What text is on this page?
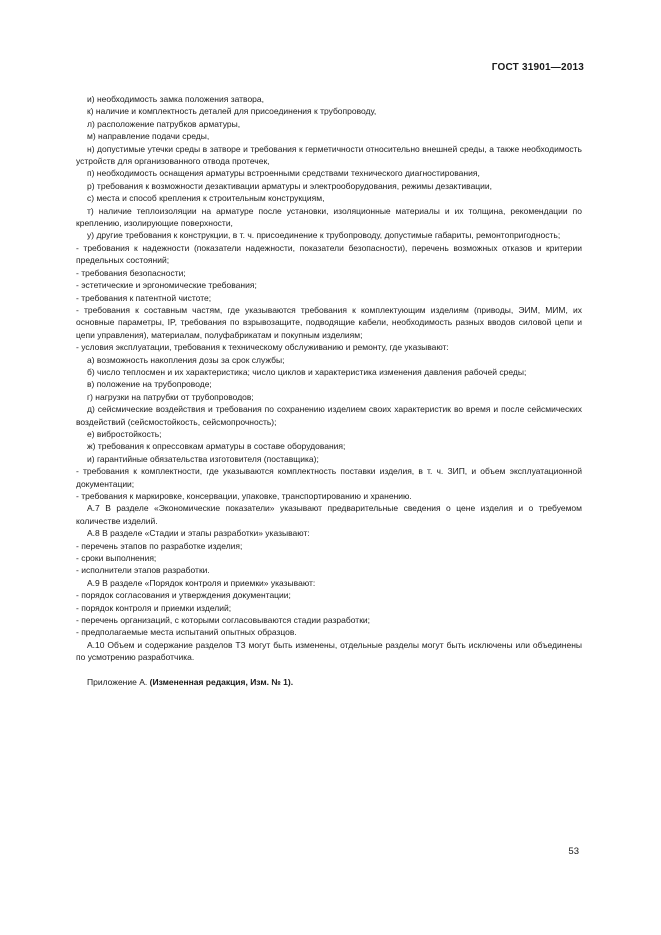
ГОСТ 31901—2013

и) необходимость замка положения затвора,

к) наличие и комплектность деталей для присоединения к трубопроводу,

л) расположение патрубков арматуры,

м) направление подачи среды,

н) допустимые утечки среды в затворе и требования к герметичности относительно внешней среды, а также необходимость устройств для организованного отвода протечек,

п) необходимость оснащения арматуры встроенными средствами технического диагностирования,

р) требования к возможности дезактивации арматуры и электрооборудования, режимы дезактивации,

с) места и способ крепления к строительным конструкциям,

т) наличие теплоизоляции на арматуре после установки, изоляционные материалы и их толщина, рекомендации по креплению, изолирующие поверхности,

у) другие требования к конструкции, в т. ч. присоединение к трубопроводу, допустимые габариты, ремонтопригодность;

- требования к надежности (показатели надежности, показатели безопасности), перечень возможных отказов и критерии предельных состояний;

- требования безопасности;

- эстетические и эргономические требования;

- требования к патентной чистоте;

- требования к составным частям, где указываются требования к комплектующим изделиям (приводы, ЭИМ, МИМ, их основные параметры, IP, требования по взрывозащите, подводящие кабели, необходимость разных вводов силовой цепи и цепи управления), материалам, полуфабрикатам и покупным изделиям;

- условия эксплуатации, требования к техническому обслуживанию и ремонту, где указывают:

а) возможность накопления дозы за срок службы;

б) число теплосмен и их характеристика; число циклов и характеристика изменения давления рабочей среды;

в) положение на трубопроводе;

г) нагрузки на патрубки от трубопроводов;

д) сейсмические воздействия и требования по сохранению изделием своих характеристик во время и после сейсмических воздействий (сейсмостойкость, сейсмопрочность);

е) вибростойкость;

ж) требования к опрессовкам арматуры в составе оборудования;

и) гарантийные обязательства изготовителя (поставщика);

- требования к комплектности, где указываются комплектность поставки изделия, в т. ч. ЗИП, и объем эксплуатационной документации;

- требования к маркировке, консервации, упаковке, транспортированию и хранению.

А.7 В разделе «Экономические показатели» указывают предварительные сведения о цене изделия и о требуемом количестве изделий.

А.8 В разделе «Стадии и этапы разработки» указывают:

- перечень этапов по разработке изделия;

- сроки выполнения;

- исполнители этапов разработки.

А.9 В разделе «Порядок контроля и приемки» указывают:

- порядок согласования и утверждения документации;

- порядок контроля и приемки изделий;

- перечень организаций, с которыми согласовываются стадии разработки;

- предполагаемые места испытаний опытных образцов.

А.10 Объем и содержание разделов ТЗ могут быть изменены, отдельные разделы могут быть исключены или объединены по усмотрению разработчика.

Приложение А. (Измененная редакция, Изм. № 1).

53
